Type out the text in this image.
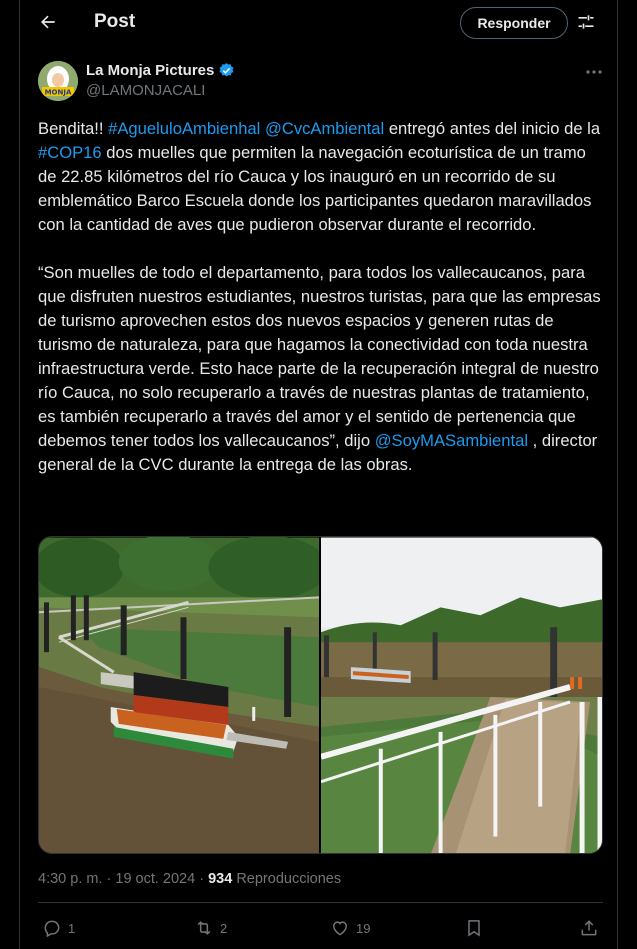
Post	Responder
MONJA
La Monja Pictures
@LAMONJACALI

Bendita!! #AgueluloAmbienhal @CvcAmbiental entregó antes del inicio de la #COP16 dos muelles que permiten la navegación ecoturística de un tramo de 22.85 kilómetros del río Cauca y los inauguró en un recorrido de su emblemático Barco Escuela donde los participantes quedaron maravillados con la cantidad de aves que pudieron observar durante el recorrido.

“Son muelles de todo el departamento, para todos los vallecaucanos, para que disfruten nuestros estudiantes, nuestros turistas, para que las empresas de turismo aprovechen estos dos nuevos espacios y generen rutas de turismo de naturaleza, para que hagamos la conectividad con toda nuestra infraestructura verde. Esto hace parte de la recuperación integral de nuestro río Cauca, no solo recuperarlo a través de nuestras plantas de tratamiento, es también recuperarlo a través del amor y el sentido de pertenencia que debemos tener todos los vallecaucanos”, dijo @SoyMASambiental , director general de la CVC durante la entrega de las obras.

4:30 p. m. · 19 oct. 2024 · 934 Reproducciones
1	2	19
